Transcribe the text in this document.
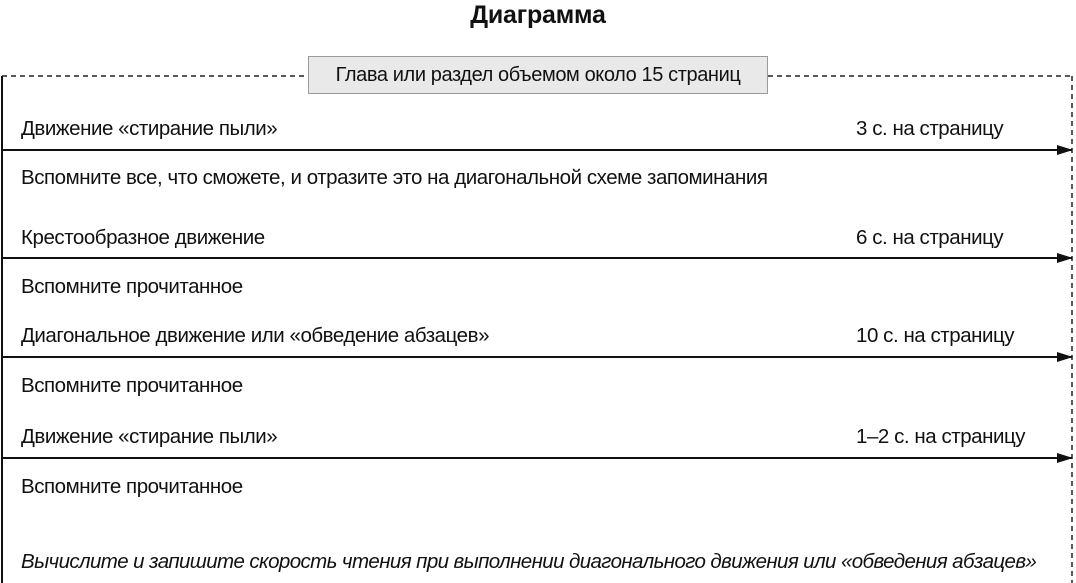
Диаграмма
Глава или раздел объемом около 15 страниц
Движение «стирание пыли»	3 с. на страницу
Вспомните все, что сможете, и отразите это на диагональной схеме запоминания
Крестообразное движение	6 с. на страницу
Вспомните прочитанное
Диагональное движение или «обведение абзацев»	10 с. на страницу
Вспомните прочитанное
Движение «стирание пыли»	1–2 с. на страницу
Вспомните прочитанное
Вычислите и запишите скорость чтения при выполнении диагонального движения или «обведения абзацев»
